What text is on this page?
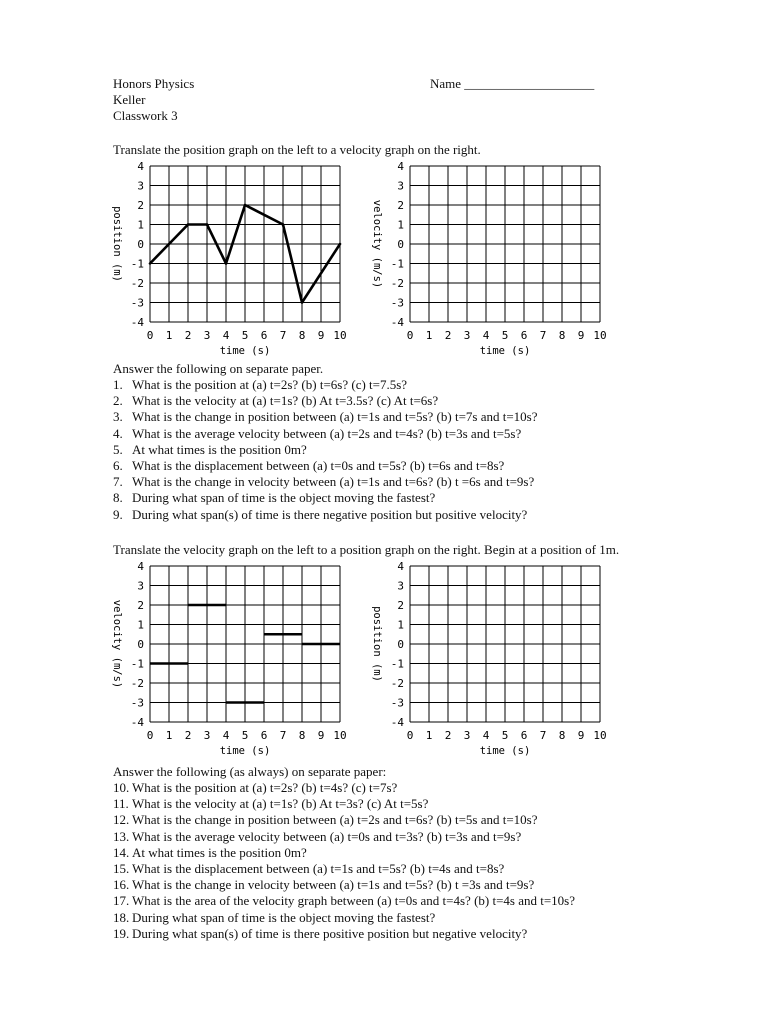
Honors Physics
Keller
Classwork 3
Name ____________________
Translate the position graph on the left to a velocity graph on the right.
4
3
2
1
0
-1
-2
-3
-4
0 1 2 3 4 5 6 7 8 9 10
time (s)
position (m)
4
3
2
1
0
-1
-2
-3
-4
0 1 2 3 4 5 6 7 8 9 10
time (s)
velocity (m/s)
Answer the following on separate paper.
1. What is the position at (a) t=2s? (b) t=6s? (c) t=7.5s?
2. What is the velocity at (a) t=1s? (b) At t=3.5s? (c) At t=6s?
3. What is the change in position between (a) t=1s and t=5s? (b) t=7s and t=10s?
4. What is the average velocity between (a) t=2s and t=4s? (b) t=3s and t=5s?
5. At what times is the position 0m?
6. What is the displacement between (a) t=0s and t=5s? (b) t=6s and t=8s?
7. What is the change in velocity between (a) t=1s and t=6s? (b) t =6s and t=9s?
8. During what span of time is the object moving the fastest?
9. During what span(s) of time is there negative position but positive velocity?
Translate the velocity graph on the left to a position graph on the right. Begin at a position of 1m.
4
3
2
1
0
-1
-2
-3
-4
0 1 2 3 4 5 6 7 8 9 10
time (s)
velocity (m/s)
4
3
2
1
0
-1
-2
-3
-4
0 1 2 3 4 5 6 7 8 9 10
time (s)
position (m)
Answer the following (as always) on separate paper:
10. What is the position at (a) t=2s? (b) t=4s? (c) t=7s?
11. What is the velocity at (a) t=1s? (b) At t=3s? (c) At t=5s?
12. What is the change in position between (a) t=2s and t=6s? (b) t=5s and t=10s?
13. What is the average velocity between (a) t=0s and t=3s? (b) t=3s and t=9s?
14. At what times is the position 0m?
15. What is the displacement between (a) t=1s and t=5s? (b) t=4s and t=8s?
16. What is the change in velocity between (a) t=1s and t=5s? (b) t =3s and t=9s?
17. What is the area of the velocity graph between (a) t=0s and t=4s? (b) t=4s and t=10s?
18. During what span of time is the object moving the fastest?
19. During what span(s) of time is there positive position but negative velocity?
